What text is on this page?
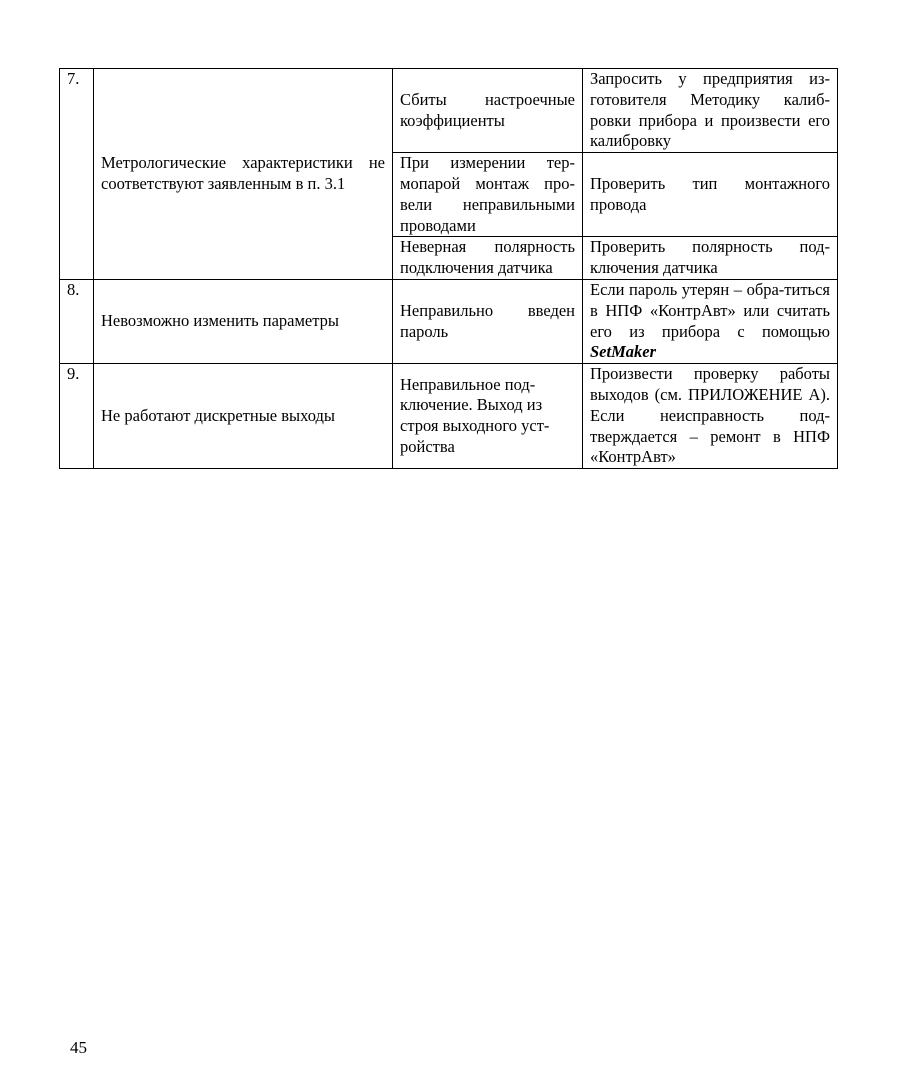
7.	Метрологические характеристики не соответствуют заявленным в п. 3.1	Сбиты настроечные коэффициенты	Запросить у предприятия из-готовителя Методику калиб-ровки прибора и произвести его калибровку
		При измерении тер-мопарой монтаж про-вели неправильными проводами	Проверить тип монтажного провода
		Неверная полярность подключения датчика	Проверить полярность под-ключения датчика
8.	Невозможно изменить параметры	Неправильно введен пароль	Если пароль утерян – обра-титься в НПФ «КонтрАвт» или считать его из прибора с помощью SetMaker
9.	Не работают дискретные выходы	Неправильное под-ключение. Выход из строя выходного уст-ройства	Произвести проверку работы выходов (см. ПРИЛОЖЕНИЕ А). Если неисправность под-тверждается – ремонт в НПФ «КонтрАвт»
45
